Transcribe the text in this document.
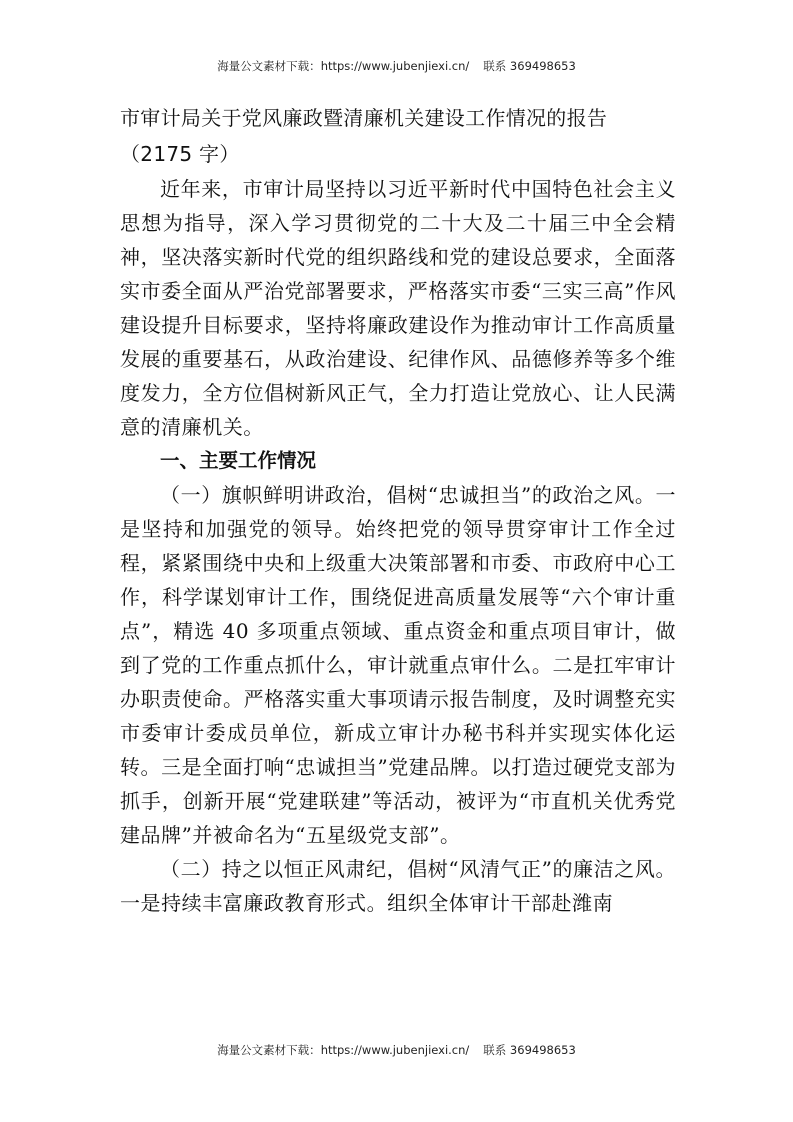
海量公文素材下载：https://www.jubenjiexi.cn/ 联系 369498653
市审计局关于党风廉政暨清廉机关建设工作情况的报告（2175 字）

近年来，市审计局坚持以习近平新时代中国特色社会主义思想为指导，深入学习贯彻党的二十大及二十届三中全会精神，坚决落实新时代党的组织路线和党的建设总要求，全面落实市委全面从严治党部署要求，严格落实市委“三实三高”作风建设提升目标要求，坚持将廉政建设作为推动审计工作高质量发展的重要基石，从政治建设、纪律作风、品德修养等多个维度发力，全方位倡树新风正气，全力打造让党放心、让人民满意的清廉机关。

一、主要工作情况

（一）旗帜鲜明讲政治，倡树“忠诚担当”的政治之风。一是坚持和加强党的领导。始终把党的领导贯穿审计工作全过程，紧紧围绕中央和上级重大决策部署和市委、市政府中心工作，科学谋划审计工作，围绕促进高质量发展等“六个审计重点”，精选 40 多项重点领域、重点资金和重点项目审计，做到了党的工作重点抓什么，审计就重点审什么。二是扛牢审计办职责使命。严格落实重大事项请示报告制度，及时调整充实市委审计委成员单位，新成立审计办秘书科并实现实体化运转。三是全面打响“忠诚担当”党建品牌。以打造过硬党支部为抓手，创新开展“党建联建”等活动，被评为“市直机关优秀党建品牌”并被命名为“五星级党支部”。

（二）持之以恒正风肃纪，倡树“风清气正”的廉洁之风。一是持续丰富廉政教育形式。组织全体审计干部赴潍南

海量公文素材下载：https://www.jubenjiexi.cn/ 联系 369498653
